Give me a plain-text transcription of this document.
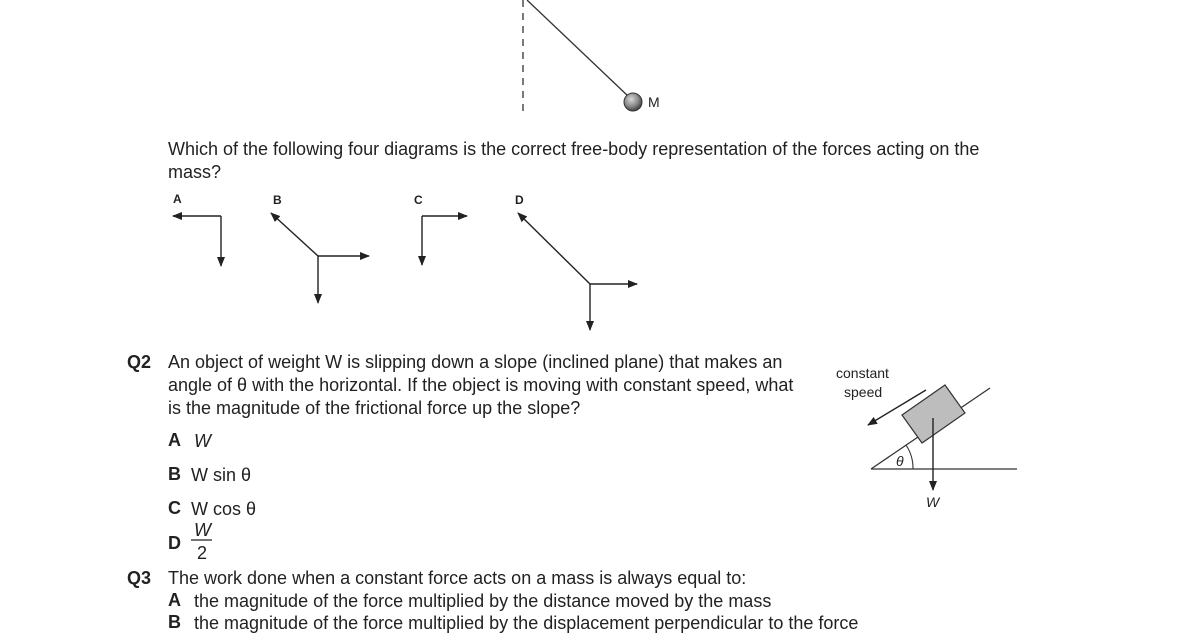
M
Which of the following four diagrams is the correct free-body representation of the forces acting on the
mass?
A	B	C	D
Q2 An object of weight W is slipping down a slope (inclined plane) that makes an
angle of θ with the horizontal. If the object is moving with constant speed, what
is the magnitude of the frictional force up the slope?
A W
B W sin θ
C W cos θ
D
W
2
constant
speed
θ
W
Q3 The work done when a constant force acts on a mass is always equal to:
A the magnitude of the force multiplied by the distance moved by the mass
B the magnitude of the force multiplied by the displacement perpendicular to the force
